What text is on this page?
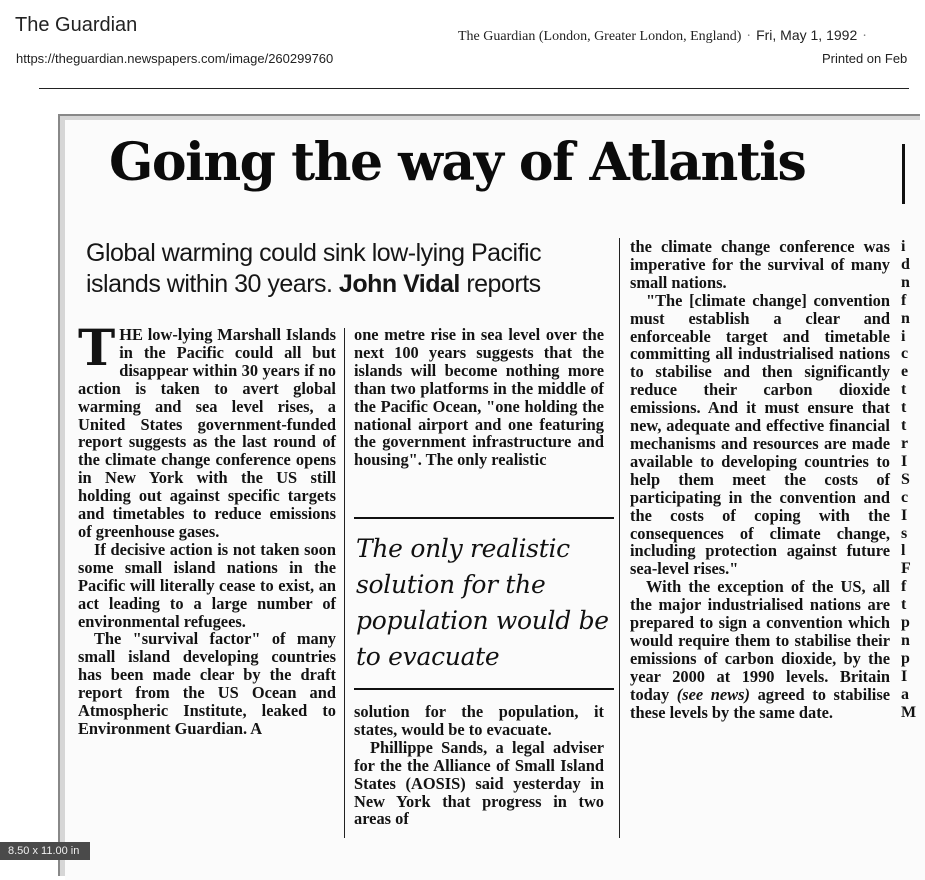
The Guardian
https://theguardian.newspapers.com/image/260299760
The Guardian (London, Greater London, England) · Fri, May 1, 1992 ·
Printed on Feb
Going the way of Atlantis
Global warming could sink low-lying Pacific islands within 30 years. John Vidal reports

THE low-lying Marshall Islands in the Pacific could all but disappear within 30 years if no action is taken to avert global warming and sea level rises, a United States government-funded report suggests as the last round of the climate change conference opens in New York with the US still holding out against specific targets and timetables to reduce emissions of greenhouse gases.

If decisive action is not taken soon some small island nations in the Pacific will literally cease to exist, an act leading to a large number of environmental refugees.

The "survival factor" of many small island developing countries has been made clear by the draft report from the US Ocean and Atmospheric Institute, leaked to Environment Guardian. A

one metre rise in sea level over the next 100 years suggests that the islands will become nothing more than two platforms in the middle of the Pacific Ocean, "one holding the national airport and one featuring the government infrastructure and housing". The only realistic

The only realistic solution for the population would be to evacuate

solution for the population, it states, would be to evacuate.

Phillippe Sands, a legal adviser for the the Alliance of Small Island States (AOSIS) said yesterday in New York that progress in two areas of

the climate change conference was imperative for the survival of many small nations.

"The [climate change] convention must establish a clear and enforceable target and timetable committing all industrialised nations to stabilise and then significantly reduce their carbon dioxide emissions. And it must ensure that new, adequate and effective financial mechanisms and resources are made available to developing countries to help them meet the costs of participating in the convention and the costs of coping with the consequences of climate change, including protection against future sea-level rises."

With the exception of the US, all the major industrialised nations are prepared to sign a convention which would require them to stabilise their emissions of carbon dioxide, by the year 2000 at 1990 levels. Britain today (see news) agreed to stabilise these levels by the same date.

i
d
n
f
n
i
c
e
t
t
t
r
I
S
c
I
s
l
F
f
t
p
n
p
I
a
M
8.50 x 11.00 in
